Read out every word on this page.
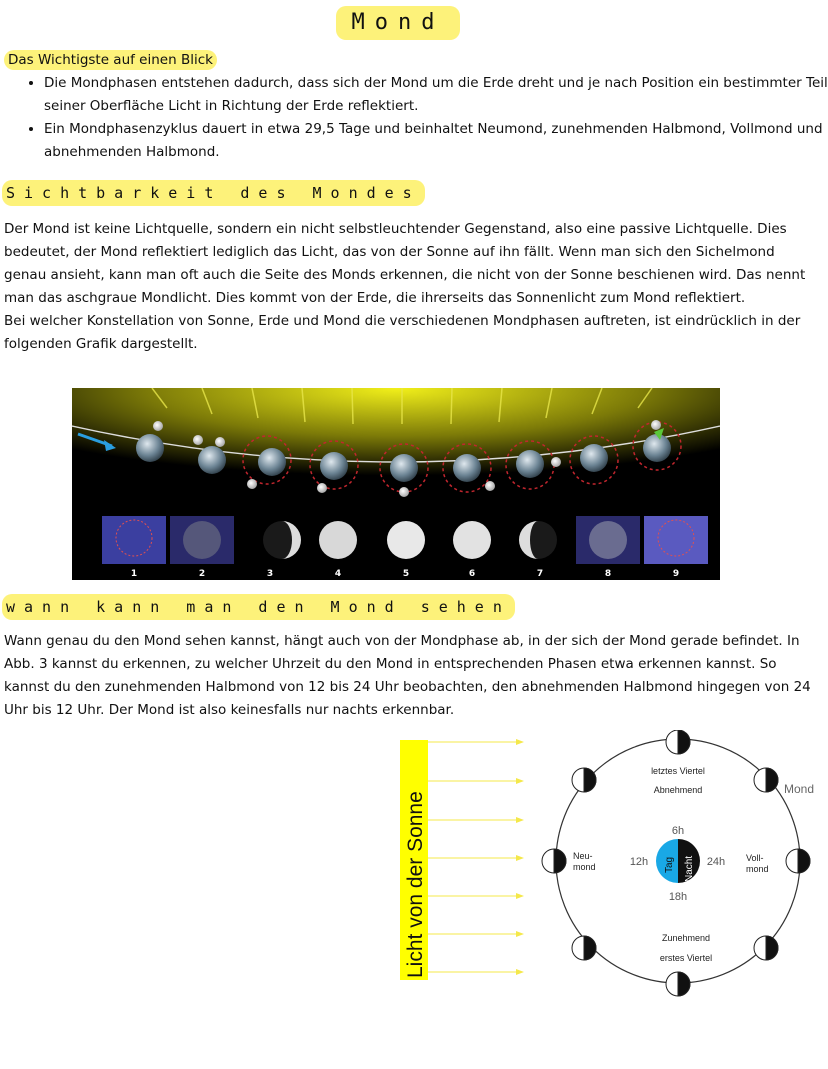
Mond
Das Wichtigste auf einen Blick
• Die Mondphasen entstehen dadurch, dass sich der Mond um die Erde dreht und je nach Position ein bestimmter Teil seiner Oberfläche Licht in Richtung der Erde reflektiert.
• Ein Mondphasenzyklus dauert in etwa 29,5 Tage und beinhaltet Neumond, zunehmenden Halbmond, Vollmond und abnehmenden Halbmond.
Sichtbarkeit des Mondes

Der Mond ist keine Lichtquelle, sondern ein nicht selbstleuchtender Gegenstand, also eine passive Lichtquelle. Dies bedeutet, der Mond reflektiert lediglich das Licht, das von der Sonne auf ihn fällt. Wenn man sich den Sichelmond genau ansieht, kann man oft auch die Seite des Monds erkennen, die nicht von der Sonne beschienen wird. Das nennt man das aschgraue Mondlicht. Dies kommt von der Erde, die ihrerseits das Sonnenlicht zum Mond reflektiert.

Bei welcher Konstellation von Sonne, Erde und Mond die verschiedenen Mondphasen auftreten, ist eindrücklich in der folgenden Grafik dargestellt.

1	2	3	4	5	6	7	8	9
wann kann man den Mond sehen

Wann genau du den Mond sehen kannst, hängt auch von der Mondphase ab, in der sich der Mond gerade befindet. In Abb. 3 kannst du erkennen, zu welcher Uhrzeit du den Mond in entsprechenden Phasen etwa erkennen kannst. So kannst du den zunehmenden Halbmond von 12 bis 24 Uhr beobachten, den abnehmenden Halbmond hingegen von 24 Uhr bis 12 Uhr. Der Mond ist also keinesfalls nur nachts erkennbar.

Licht von der Sonne	Tag Nacht
6h
12h	24h
18h
letztes Viertel
Abnehmend
Neu-
mond
Voll-
mond
Zunehmend
erstes Viertel
Mond
